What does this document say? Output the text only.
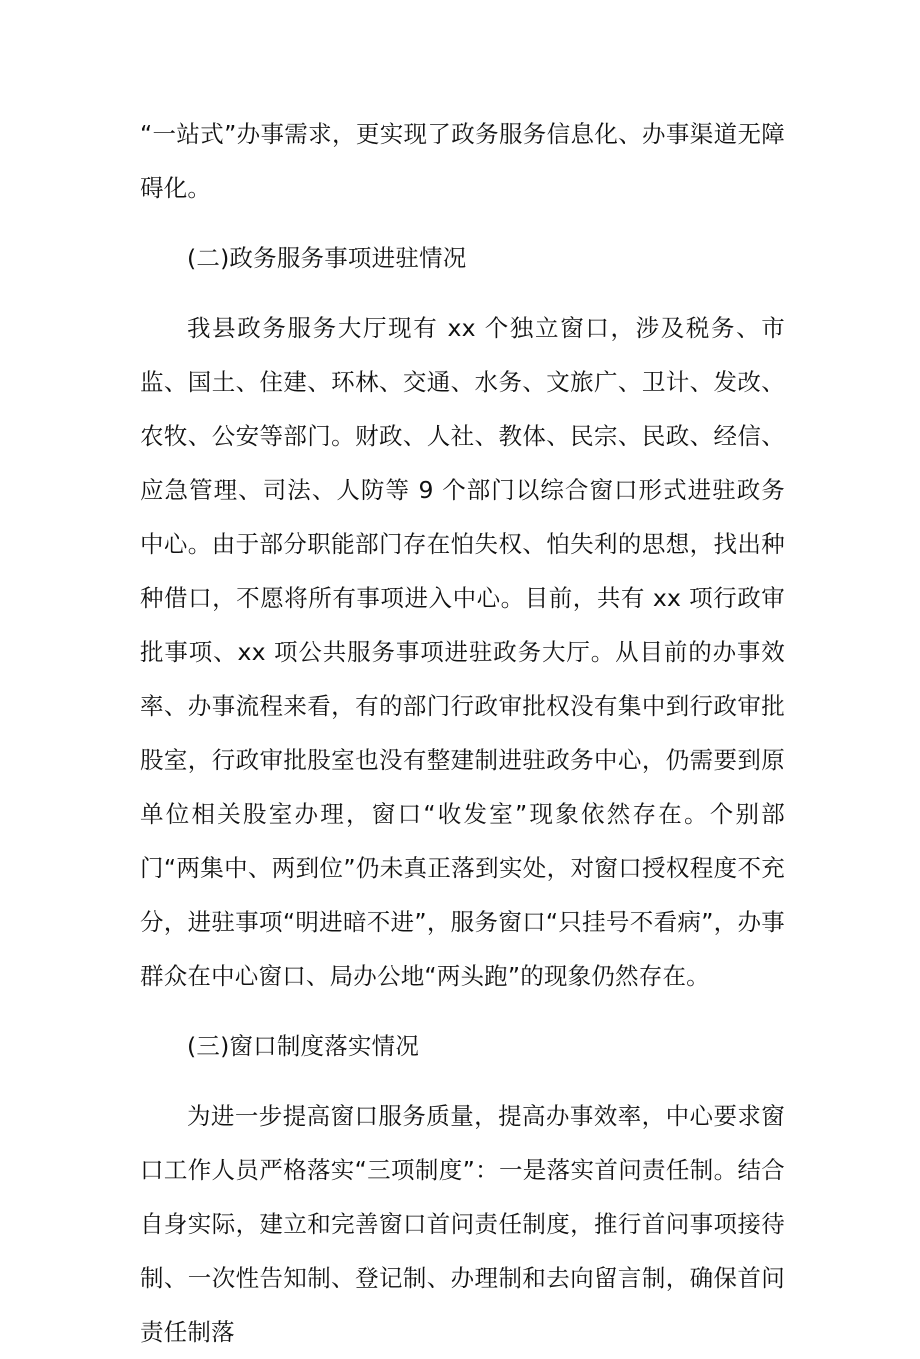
“一站式”办事需求，更实现了政务服务信息化、办事渠道无障碍化。

(二)政务服务事项进驻情况

我县政务服务大厅现有 xx 个独立窗口，涉及税务、市监、国土、住建、环林、交通、水务、文旅广、卫计、发改、农牧、公安等部门。财政、人社、教体、民宗、民政、经信、应急管理、司法、人防等 9 个部门以综合窗口形式进驻政务中心。由于部分职能部门存在怕失权、怕失利的思想，找出种种借口，不愿将所有事项进入中心。目前，共有 xx 项行政审批事项、xx 项公共服务事项进驻政务大厅。从目前的办事效率、办事流程来看，有的部门行政审批权没有集中到行政审批股室，行政审批股室也没有整建制进驻政务中心，仍需要到原单位相关股室办理，窗口“收发室”现象依然存在。个别部门“两集中、两到位”仍未真正落到实处，对窗口授权程度不充分，进驻事项“明进暗不进”，服务窗口“只挂号不看病”，办事群众在中心窗口、局办公地“两头跑”的现象仍然存在。

(三)窗口制度落实情况

为进一步提高窗口服务质量，提高办事效率，中心要求窗口工作人员严格落实“三项制度”：一是落实首问责任制。结合自身实际，建立和完善窗口首问责任制度，推行首问事项接待制、一次性告知制、登记制、办理制和去向留言制，确保首问责任制落
